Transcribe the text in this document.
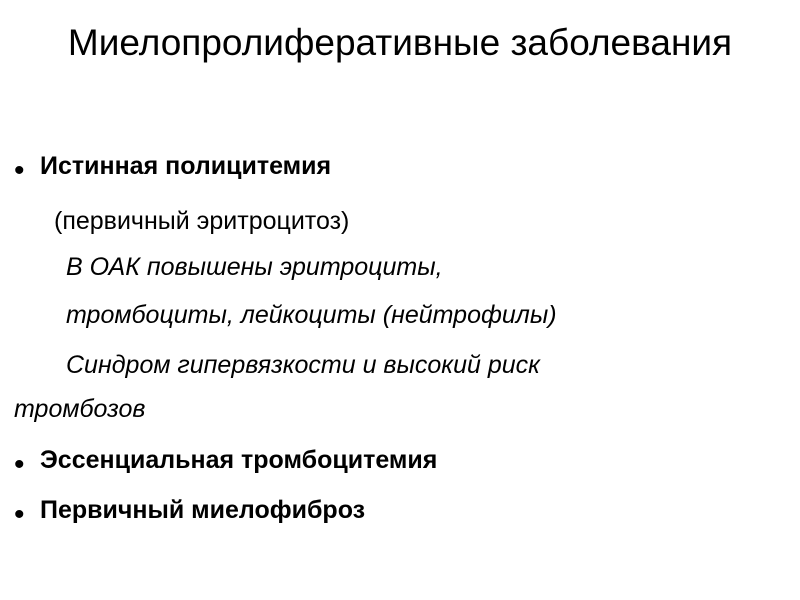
Миелопролиферативные заболевания
• Истинная полицитемия
(первичный эритроцитоз)
В ОАК повышены эритроциты,
тромбоциты, лейкоциты (нейтрофилы)
Синдром гипервязкости и высокий риск
тромбозов
• Эссенциальная тромбоцитемия
• Первичный миелофиброз
